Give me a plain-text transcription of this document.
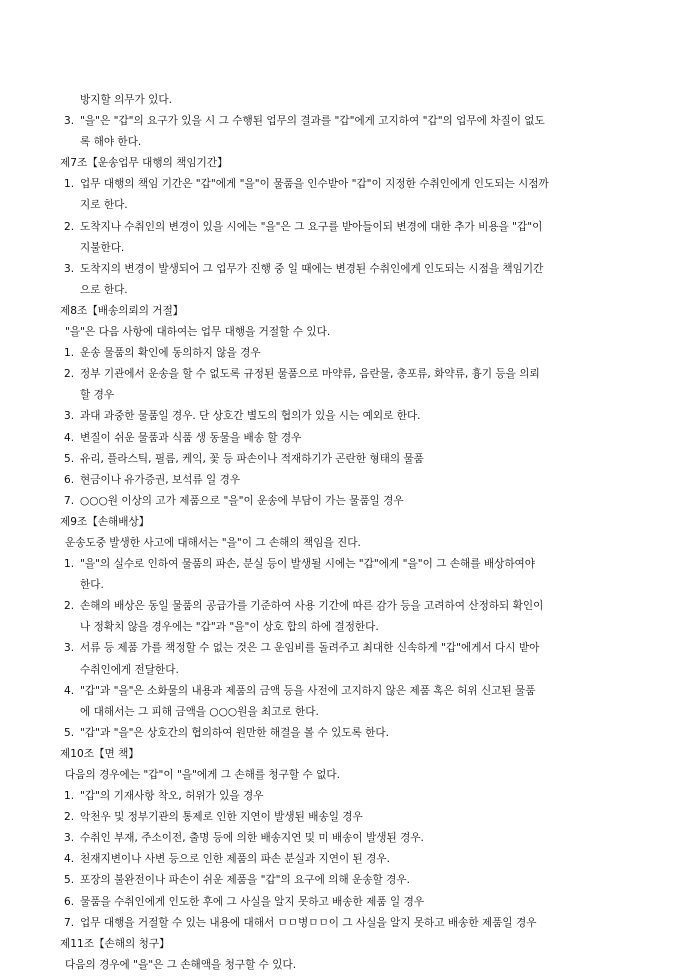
방지할 의무가 있다.
3. "을"은 "갑"의 요구가 있을 시 그 수행된 업무의 결과를 "갑"에게 고지하여 "갑"의 업무에 차질이 없도
록 해야 한다.
제7조【운송업무 대행의 책임기간】
1. 업무 대행의 책임 기간은 "갑"에게 "을"이 물품을 인수받아 "갑"이 지정한 수취인에게 인도되는 시점까
지로 한다.
2. 도착지나 수취인의 변경이 있을 시에는 "을"은 그 요구를 받아들이되 변경에 대한 추가 비용을 "갑"이
지불한다.
3. 도착지의 변경이 발생되어 그 업무가 진행 중 일 때에는 변경된 수취인에게 인도되는 시점을 책임기간
으로 한다.
제8조【배송의뢰의 거절】
"을"은 다음 사항에 대하여는 업무 대행을 거절할 수 있다.
1. 운송 물품의 확인에 동의하지 않을 경우
2. 정부 기관에서 운송을 할 수 없도록 규정된 물품으로 마약류, 음란물, 총포류, 화약류, 흉기 등을 의뢰
할 경우
3. 과대 과중한 물품일 경우. 단 상호간 별도의 협의가 있을 시는 예외로 한다.
4. 변질이 쉬운 물품과 식품 생 동물을 배송 할 경우
5. 유리, 플라스틱, 필름, 케익, 꽃 등 파손이나 적재하기가 곤란한 형태의 물품
6. 현금이나 유가증권, 보석류 일 경우
7. ○○○원 이상의 고가 제품으로 "을"이 운송에 부담이 가는 물품일 경우
제9조【손해배상】
운송도중 발생한 사고에 대해서는 "을"이 그 손해의 책임을 진다.
1. "을"의 실수로 인하여 물품의 파손, 분실 등이 발생될 시에는 "갑"에게 "을"이 그 손해를 배상하여야
한다.
2. 손해의 배상은 동일 물품의 공급가를 기준하여 사용 기간에 따른 감가 등을 고려하여 산정하되 확인이
나 정확치 않을 경우에는 "갑"과 "을"이 상호 합의 하에 결정한다.
3. 서류 등 제품 가를 책정할 수 없는 것은 그 운임비를 돌려주고 최대한 신속하게 "갑"에게서 다시 받아
수취인에게 전달한다.
4. "갑"과 "을"은 소화물의 내용과 제품의 금액 등을 사전에 고지하지 않은 제품 혹은 허위 신고된 물품
에 대해서는 그 피해 금액을 ○○○원을 최고로 한다.
5. "갑"과 "을"은 상호간의 협의하여 원만한 해결을 볼 수 있도록 한다.
제10조【면 책】
다음의 경우에는 "갑"이 "을"에게 그 손해를 청구할 수 없다.
1. "갑"의 기재사항 착오, 허위가 있을 경우
2. 악천우 및 정부기관의 통제로 인한 지연이 발생된 배송일 경우
3. 수취인 부재, 주소이전, 출명 등에 의한 배송지연 및 미 배송이 발생된 경우.
4. 천재지변이나 사변 등으로 인한 제품의 파손 분실과 지연이 된 경우.
5. 포장의 불완전이나 파손이 쉬운 제품을 "갑"의 요구에 의해 운송할 경우.
6. 물품을 수취인에게 인도한 후에 그 사실을 알지 못하고 배송한 제품 일 경우
7. 업무 대행을 거절할 수 있는 내용에 대해서 ㅁㅁ병ㅁㅁ이 그 사실을 알지 못하고 배송한 제품일 경우
제11조【손해의 청구】
다음의 경우에 "을"은 그 손해액을 청구할 수 있다.
